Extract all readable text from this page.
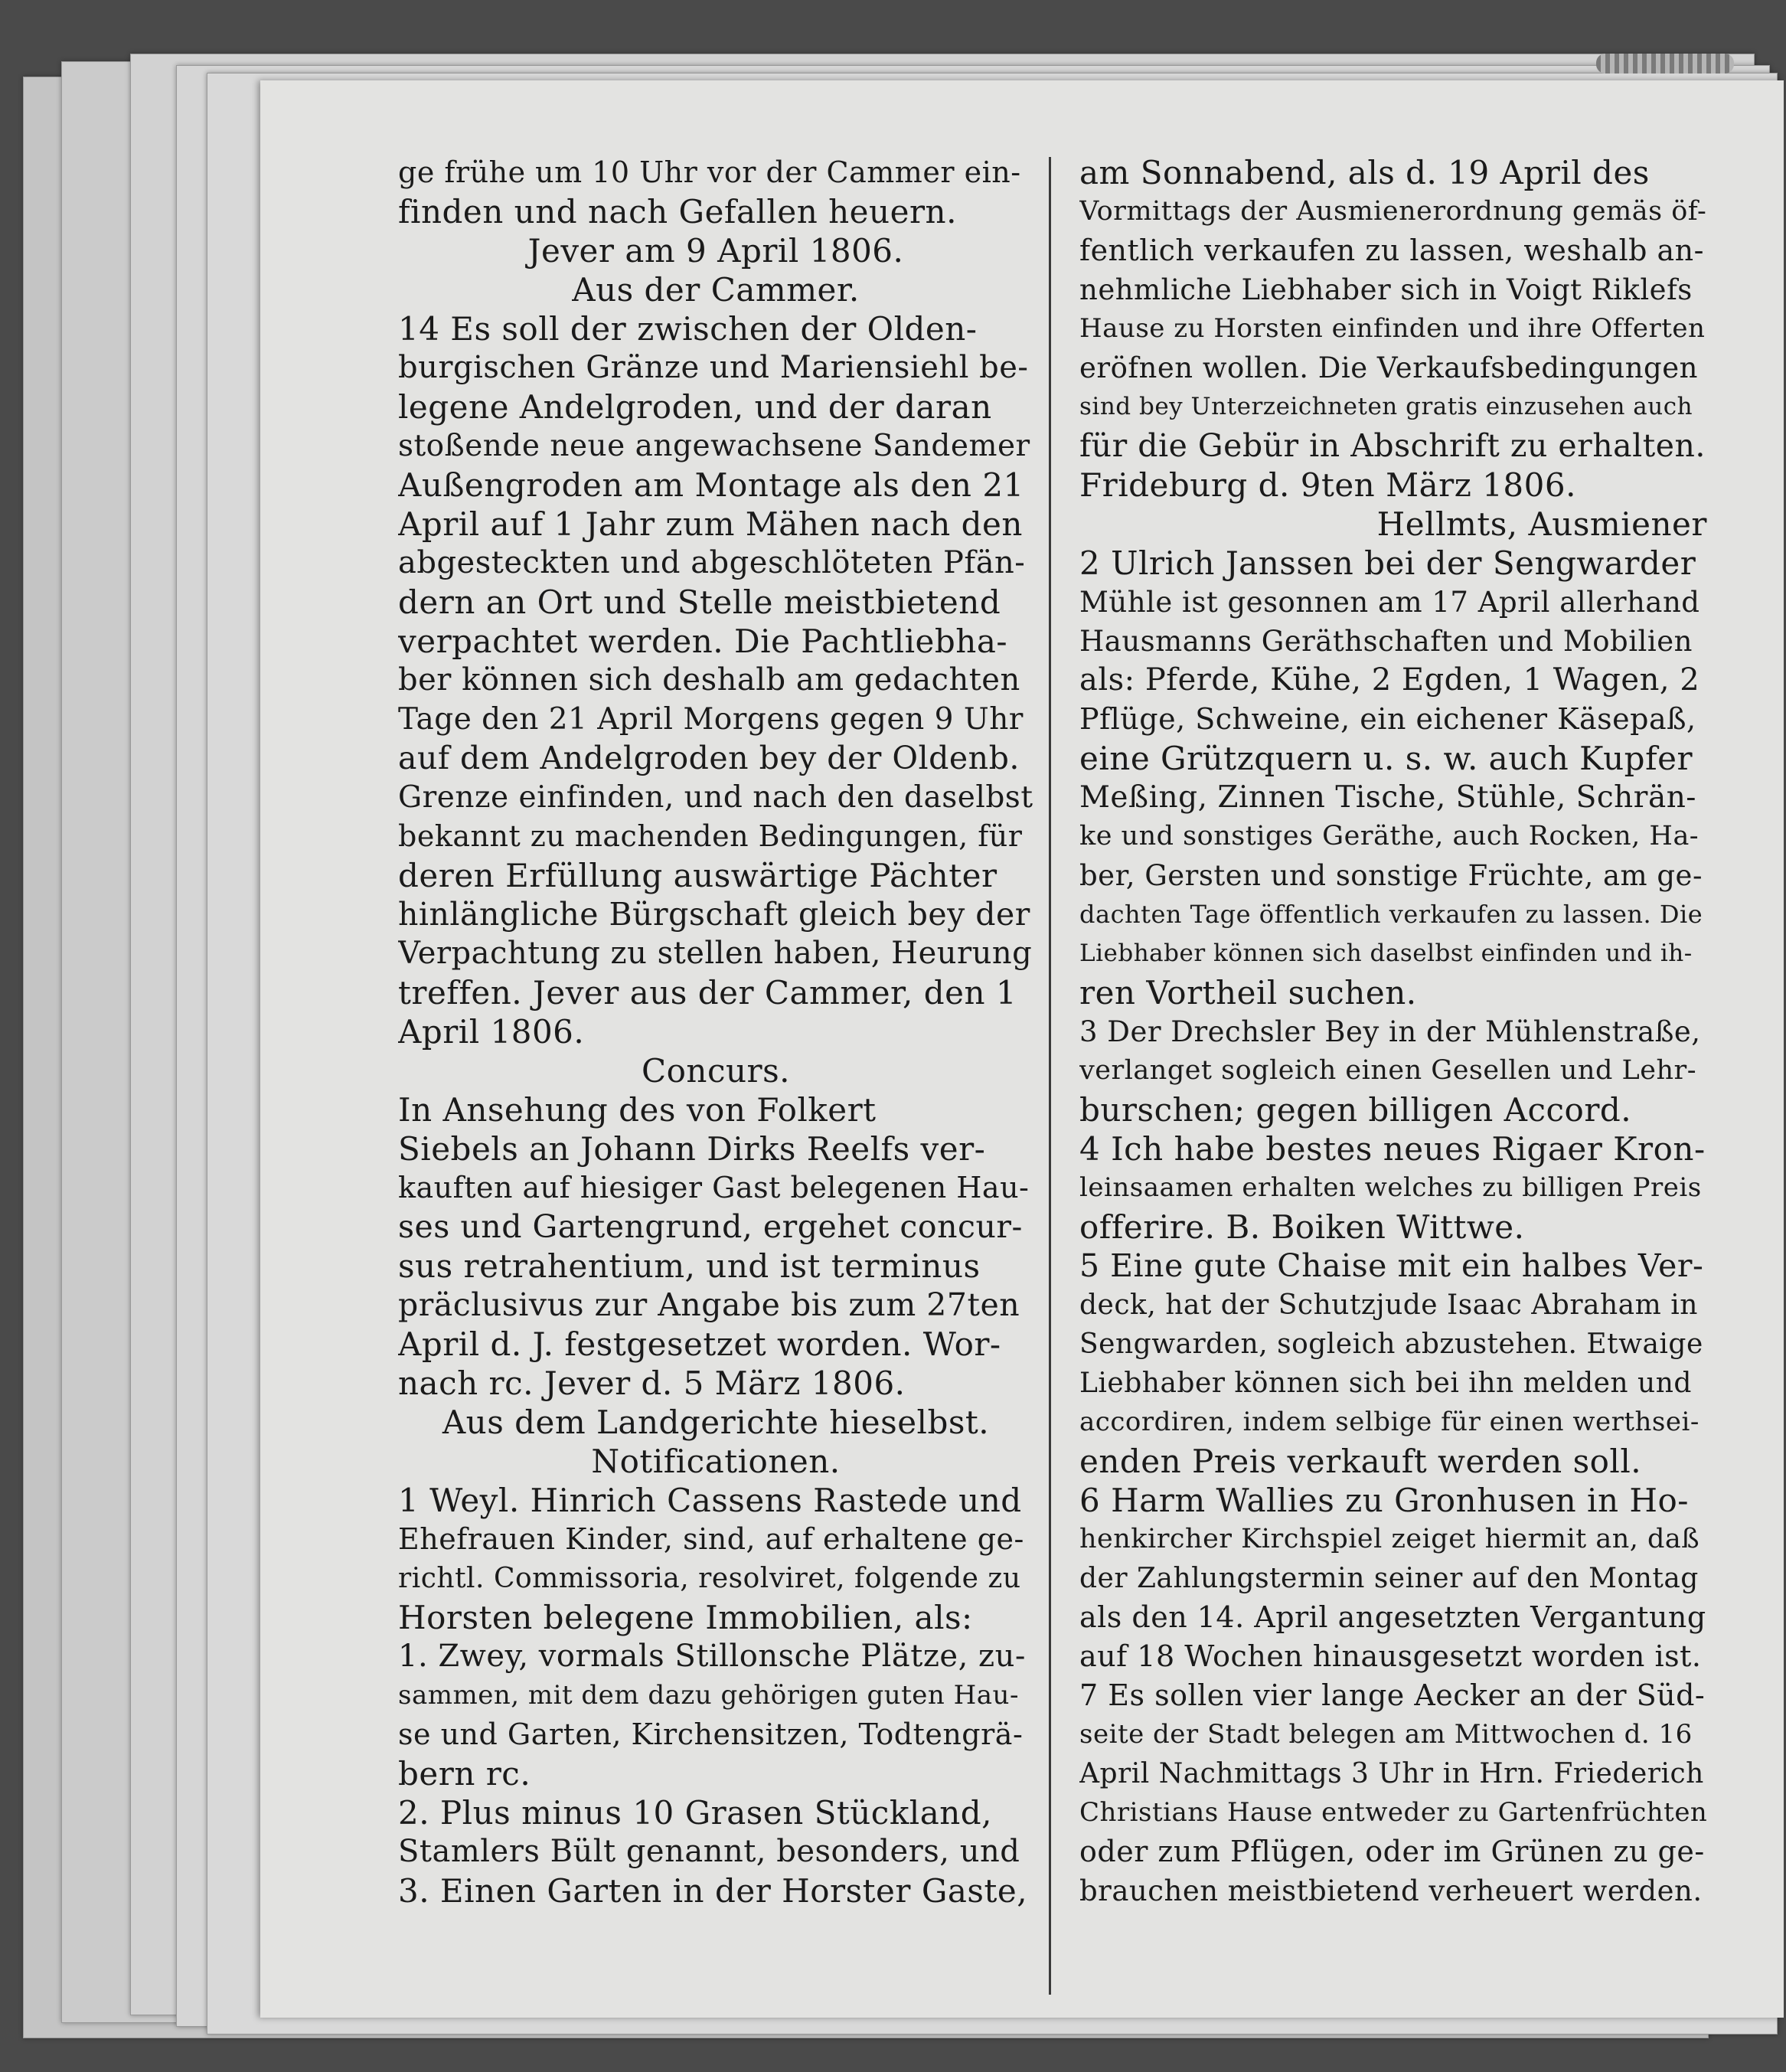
ge frühe um 10 Uhr vor der Cammer ein-
finden und nach Gefallen heuern.
Jever am 9 April 1806.
Aus der Cammer.
14 Es soll der zwischen der Olden-
burgischen Gränze und Mariensiehl be-
legene Andelgroden, und der daran
stoßende neue angewachsene Sandemer
Außengroden am Montage als den 21
April auf 1 Jahr zum Mähen nach den
abgesteckten und abgeschlöteten Pfän-
dern an Ort und Stelle meistbietend
verpachtet werden. Die Pachtliebha-
ber können sich deshalb am gedachten
Tage den 21 April Morgens gegen 9 Uhr
auf dem Andelgroden bey der Oldenb.
Grenze einfinden, und nach den daselbst
bekannt zu machenden Bedingungen, für
deren Erfüllung auswärtige Pächter
hinlängliche Bürgschaft gleich bey der
Verpachtung zu stellen haben, Heurung
treffen. Jever aus der Cammer, den 1
April 1806.
Concurs.
In Ansehung des von Folkert
Siebels an Johann Dirks Reelfs ver-
kauften auf hiesiger Gast belegenen Hau-
ses und Gartengrund, ergehet concur-
sus retrahentium, und ist terminus
präclusivus zur Angabe bis zum 27ten
April d. J. festgesetzet worden. Wor-
nach rc. Jever d. 5 März 1806.
Aus dem Landgerichte hieselbst.
Notificationen.
1 Weyl. Hinrich Cassens Rastede und
Ehefrauen Kinder, sind, auf erhaltene ge-
richtl. Commissoria, resolviret, folgende zu
Horsten belegene Immobilien, als:
1. Zwey, vormals Stillonsche Plätze, zu-
sammen, mit dem dazu gehörigen guten Hau-
se und Garten, Kirchensitzen, Todtengrä-
bern rc.
2. Plus minus 10 Grasen Stückland,
Stamlers Bült genannt, besonders, und
3. Einen Garten in der Horster Gaste,
am Sonnabend, als d. 19 April des
Vormittags der Ausmienerordnung gemäs öf-
fentlich verkaufen zu lassen, weshalb an-
nehmliche Liebhaber sich in Voigt Riklefs
Hause zu Horsten einfinden und ihre Offerten
eröfnen wollen. Die Verkaufsbedingungen
sind bey Unterzeichneten gratis einzusehen auch
für die Gebür in Abschrift zu erhalten.
Frideburg d. 9ten März 1806.
Hellmts, Ausmiener
2 Ulrich Janssen bei der Sengwarder
Mühle ist gesonnen am 17 April allerhand
Hausmanns Geräthschaften und Mobilien
als: Pferde, Kühe, 2 Egden, 1 Wagen, 2
Pflüge, Schweine, ein eichener Käsepaß,
eine Grützquern u. s. w. auch Kupfer
Meßing, Zinnen Tische, Stühle, Schrän-
ke und sonstiges Geräthe, auch Rocken, Ha-
ber, Gersten und sonstige Früchte, am ge-
dachten Tage öffentlich verkaufen zu lassen. Die
Liebhaber können sich daselbst einfinden und ih-
ren Vortheil suchen.
3 Der Drechsler Bey in der Mühlenstraße,
verlanget sogleich einen Gesellen und Lehr-
burschen; gegen billigen Accord.
4 Ich habe bestes neues Rigaer Kron-
leinsaamen erhalten welches zu billigen Preis
offerire. B. Boiken Wittwe.
5 Eine gute Chaise mit ein halbes Ver-
deck, hat der Schutzjude Isaac Abraham in
Sengwarden, sogleich abzustehen. Etwaige
Liebhaber können sich bei ihn melden und
accordiren, indem selbige für einen werthsei-
enden Preis verkauft werden soll.
6 Harm Wallies zu Gronhusen in Ho-
henkircher Kirchspiel zeiget hiermit an, daß
der Zahlungstermin seiner auf den Montag
als den 14. April angesetzten Vergantung
auf 18 Wochen hinausgesetzt worden ist.
7 Es sollen vier lange Aecker an der Süd-
seite der Stadt belegen am Mittwochen d. 16
April Nachmittags 3 Uhr in Hrn. Friederich
Christians Hause entweder zu Gartenfrüchten
oder zum Pflügen, oder im Grünen zu ge-
brauchen meistbietend verheuert werden.
